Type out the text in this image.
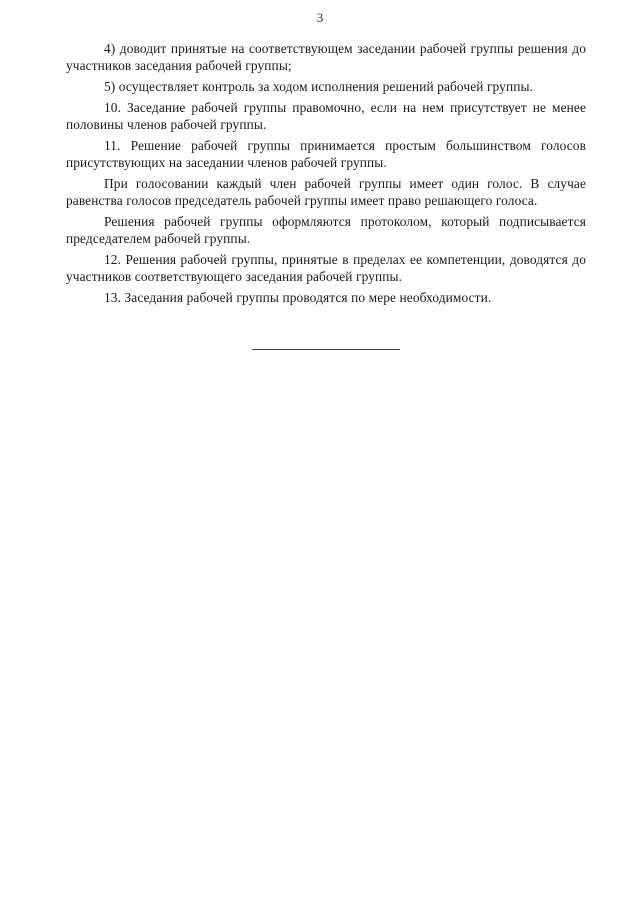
3

4) доводит принятые на соответствующем заседании рабочей группы решения до участников заседания рабочей группы;

5) осуществляет контроль за ходом исполнения решений рабочей группы.

10. Заседание рабочей группы правомочно, если на нем присутствует не менее половины членов рабочей группы.

11. Решение рабочей группы принимается простым большинством голосов присутствующих на заседании членов рабочей группы.

При голосовании каждый член рабочей группы имеет один голос. В случае равенства голосов председатель рабочей группы имеет право решающего голоса.

Решения рабочей группы оформляются протоколом, который подписывается председателем рабочей группы.

12. Решения рабочей группы, принятые в пределах ее компетенции, доводятся до участников соответствующего заседания рабочей группы.

13. Заседания рабочей группы проводятся по мере необходимости.
